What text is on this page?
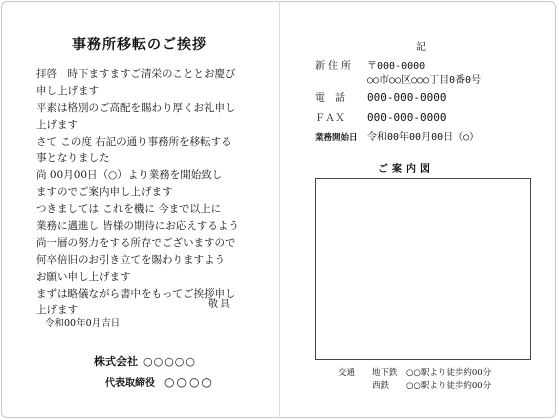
事務所移転のご挨拶
拝啓　時下ますますご清栄のこととお慶び
申し上げます
平素は格別のご高配を賜わり厚くお礼申し
上げます
さて この度 右記の通り事務所を移転する
事となりました
尚 00月00日（○）より業務を開始致し
ますのでご案内申し上げます
つきましては これを機に 今まで以上に
業務に邁進し 皆様の期待にお応えするよう
尚一層の努力をする所存でございますので
何卒倍旧のお引き立てを賜わりますよう
お願い申し上げます
まずは略儀ながら書中をもってご挨拶申し
上げます	敬具
令和00年0月吉日
株式会社 ○○○○○
代表取締役 ○○○○
記
新住所 〒000-0000
○○市○○区○○○丁目0番0号
電　話 000-000-0000
ＦＡＸ 000-000-0000
業務開始日 令和00年00月00日（○）
ご案内図
交通 地下鉄　○○駅より徒歩約00分
西鉄　　○○駅より徒歩約00分
